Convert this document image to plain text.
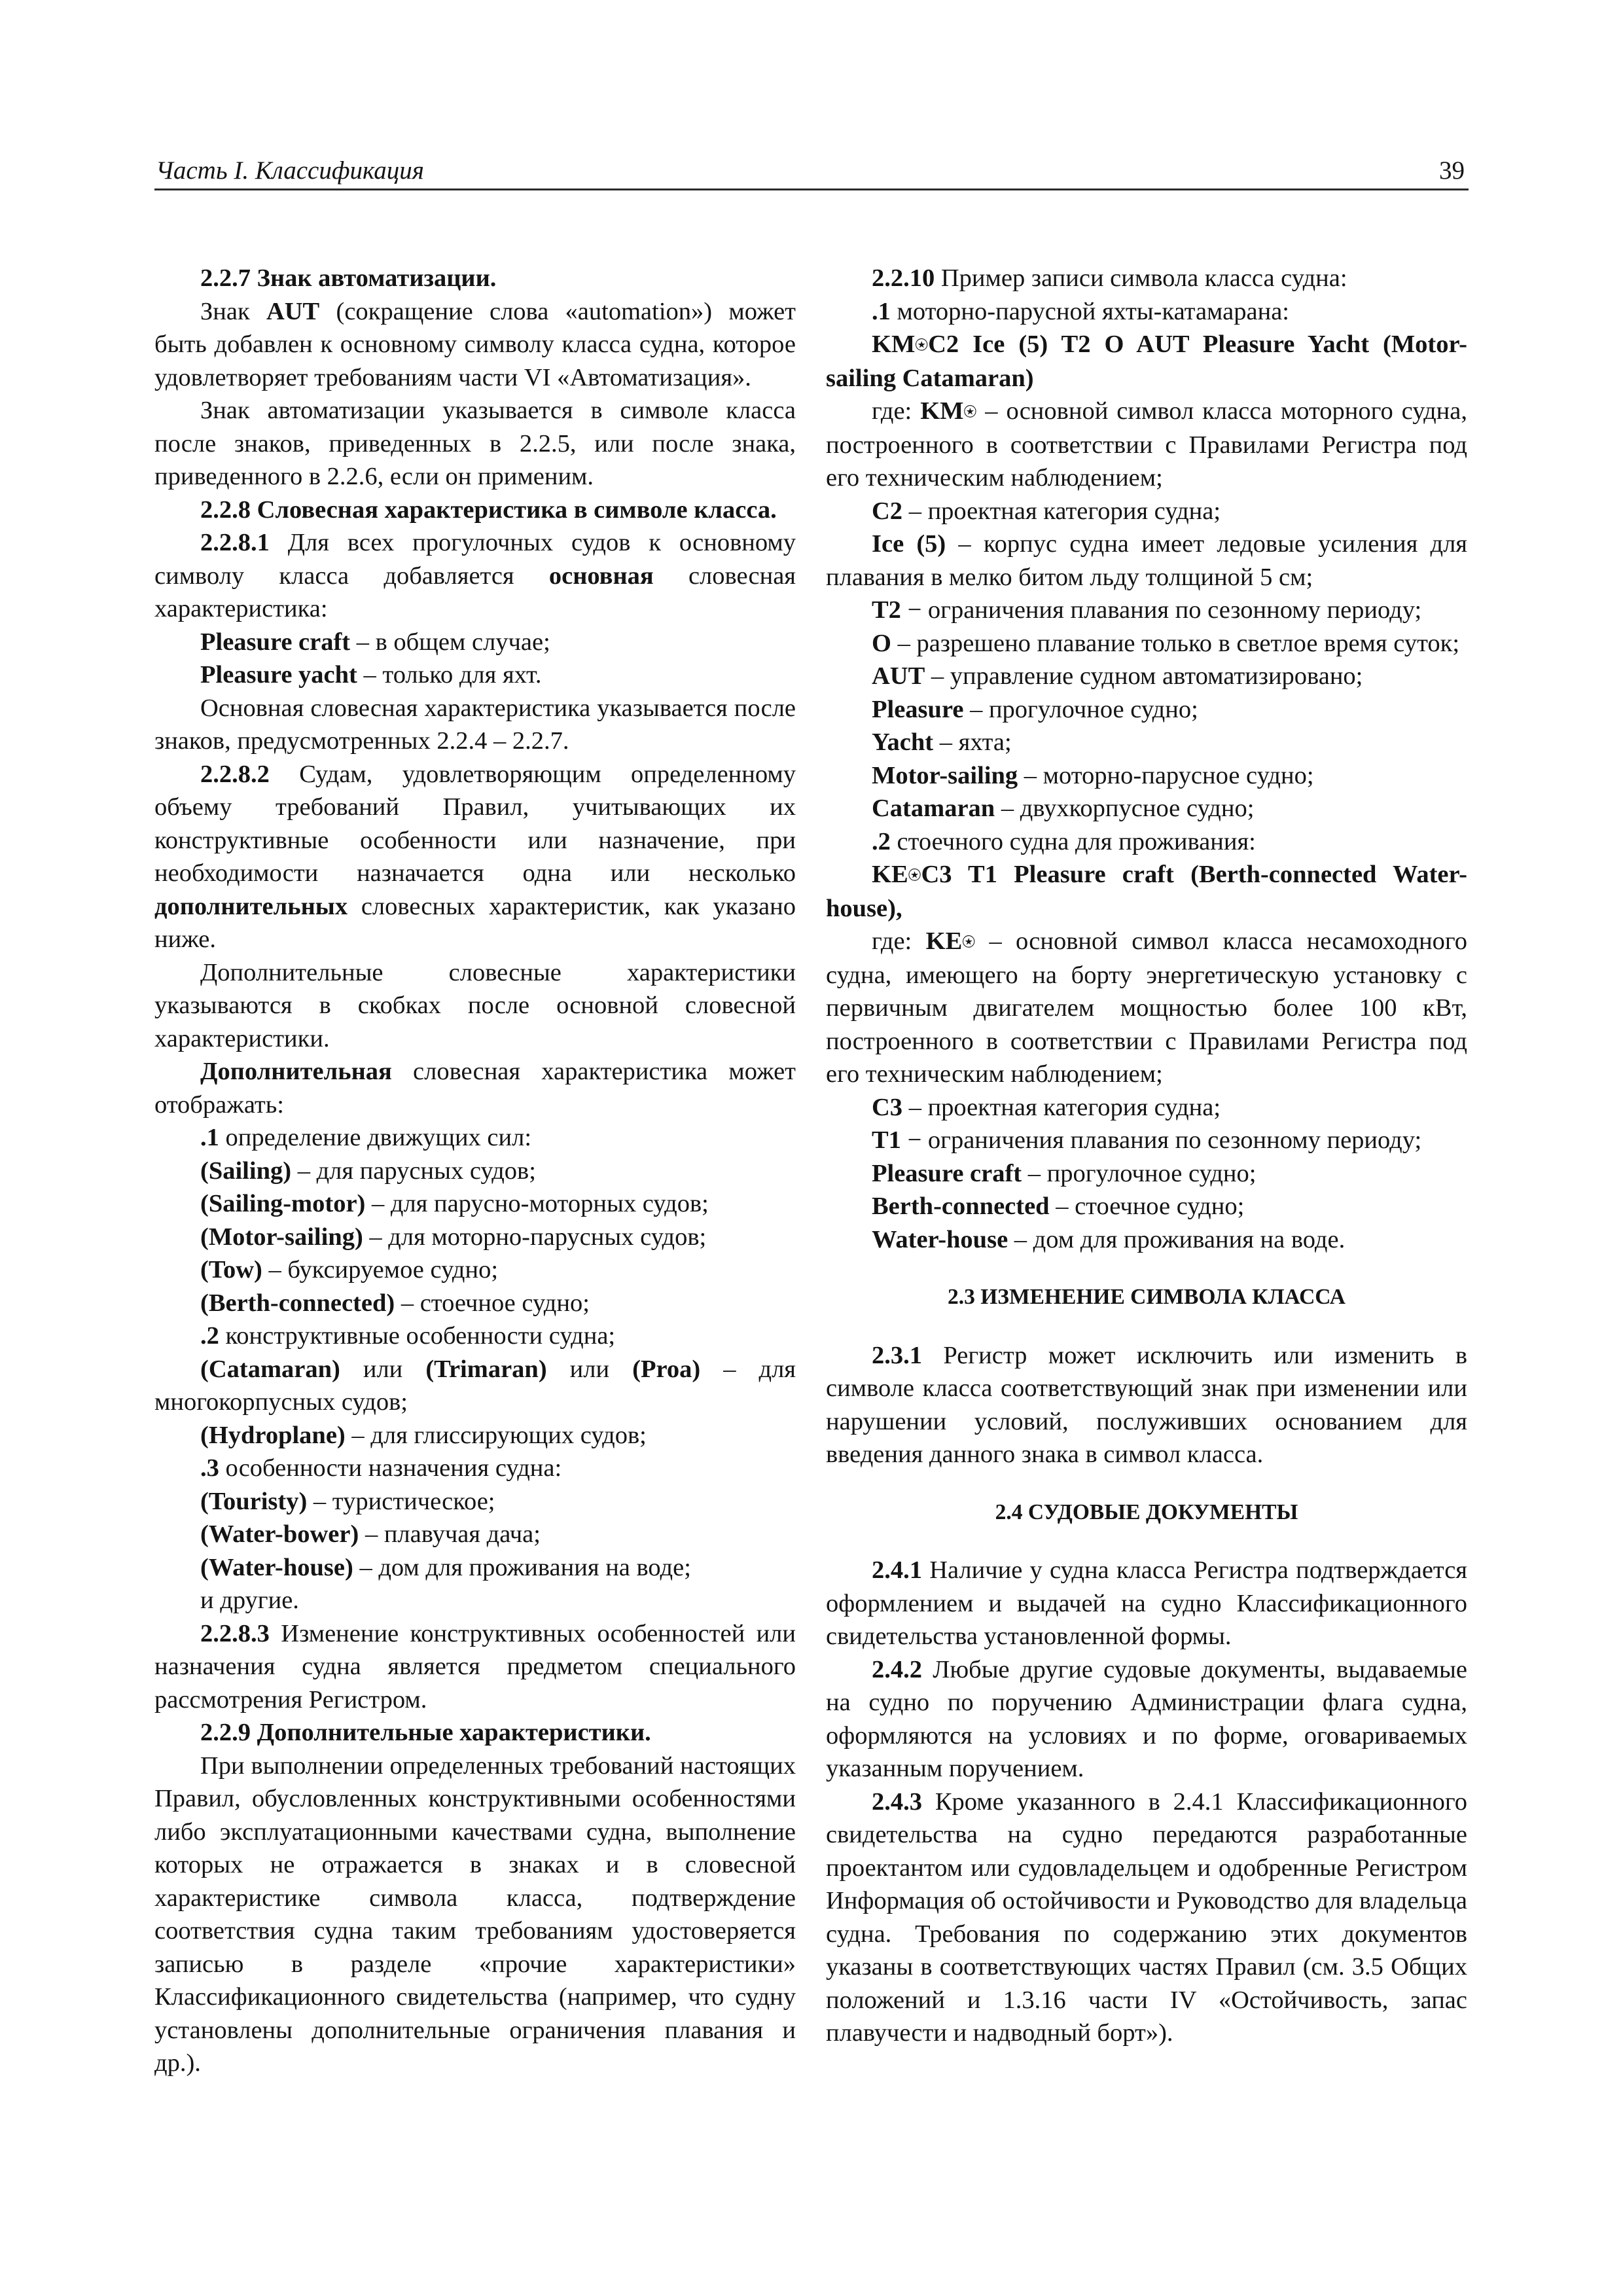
Часть I. Классификация	39

2.2.7 Знак автоматизации.

Знак AUT (сокращение слова «automation») может быть добавлен к основному символу класса судна, которое удовлетворяет требованиям части VI «Автоматизация».

Знак автоматизации указывается в символе класса после знаков, приведенных в 2.2.5, или после знака, приведенного в 2.2.6, если он применим.

2.2.8 Словесная характеристика в символе класса.

2.2.8.1 Для всех прогулочных судов к основному символу класса добавляется основная словесная характеристика:

Pleasure craft – в общем случае;

Pleasure yacht – только для яхт.

Основная словесная характеристика указывается после знаков, предусмотренных 2.2.4 – 2.2.7.

2.2.8.2 Судам, удовлетворяющим определенному объему требований Правил, учитывающих их конструктивные особенности или назначение, при необходимости назначается одна или несколько дополнительных словесных характеристик, как указано ниже.

Дополнительные словесные характеристики указываются в скобках после основной словесной характеристики.

Дополнительная словесная характеристика может отображать:

.1 определение движущих сил:

(Sailing) – для парусных судов;

(Sailing-motor) – для парусно-моторных судов;

(Motor-sailing) – для моторно-парусных судов;

(Tow) – буксируемое судно;

(Berth-connected) – стоечное судно;

.2 конструктивные особенности судна;

(Catamaran) или (Trimaran) или (Proa) – для многокорпусных судов;

(Hydroplane) – для глиссирующих судов;

.3 особенности назначения судна:

(Touristy) – туристическое;

(Water-bower) – плавучая дача;

(Water-house) – дом для проживания на воде;

и другие.

2.2.8.3 Изменение конструктивных особенностей или назначения судна является предметом специального рассмотрения Регистром.

2.2.9 Дополнительные характеристики.

При выполнении определенных требований настоящих Правил, обусловленных конструктивными особенностями либо эксплуатационными качествами судна, выполнение которых не отражается в знаках и в словесной характеристике символа класса, подтверждение соответствия судна таким требованиям удостоверяется записью в разделе «прочие характеристики» Классификационного свидетельства (например, что судну установлены дополнительные ограничения плавания и др.).

2.2.10 Пример записи символа класса судна:

.1 моторно-парусной яхты-катамарана:

KM⍟C2 Ice (5) T2 O AUT Pleasure Yacht (Motor-sailing Catamaran)

где: KM⍟ – основной символ класса моторного судна, построенного в соответствии с Правилами Регистра под его техническим наблюдением;

C2 – проектная категория судна;

Ice (5) – корпус судна имеет ледовые усиления для плавания в мелко битом льду толщиной 5 см;

T2 − ограничения плавания по сезонному периоду;

O – разрешено плавание только в светлое время суток;

AUT – управление судном автоматизировано;

Pleasure – прогулочное судно;

Yacht – яхта;

Motor-sailing – моторно-парусное судно;

Catamaran – двухкорпусное судно;

.2 стоечного судна для проживания:

KE⍟C3 T1 Pleasure craft (Berth-connected Water-house),

где: KE⍟ – основной символ класса несамоходного судна, имеющего на борту энергетическую установку с первичным двигателем мощностью более 100 кВт, построенного в соответствии с Правилами Регистра под его техническим наблюдением;

C3 – проектная категория судна;

T1 − ограничения плавания по сезонному периоду;

Pleasure craft – прогулочное судно;

Berth-connected – стоечное судно;

Water-house – дом для проживания на воде.

2.3 ИЗМЕНЕНИЕ СИМВОЛА КЛАССА

2.3.1 Регистр может исключить или изменить в символе класса соответствующий знак при изменении или нарушении условий, послуживших основанием для введения данного знака в символ класса.

2.4 СУДОВЫЕ ДОКУМЕНТЫ

2.4.1 Наличие у судна класса Регистра подтверждается оформлением и выдачей на судно Классификационного свидетельства установленной формы.

2.4.2 Любые другие судовые документы, выдаваемые на судно по поручению Администрации флага судна, оформляются на условиях и по форме, оговариваемых указанным поручением.

2.4.3 Кроме указанного в 2.4.1 Классификационного свидетельства на судно передаются разработанные проектантом или судовладельцем и одобренные Регистром Информация об остойчивости и Руководство для владельца судна. Требования по содержанию этих документов указаны в соответствующих частях Правил (см. 3.5 Общих положений и 1.3.16 части IV «Остойчивость, запас плавучести и надводный борт»).
